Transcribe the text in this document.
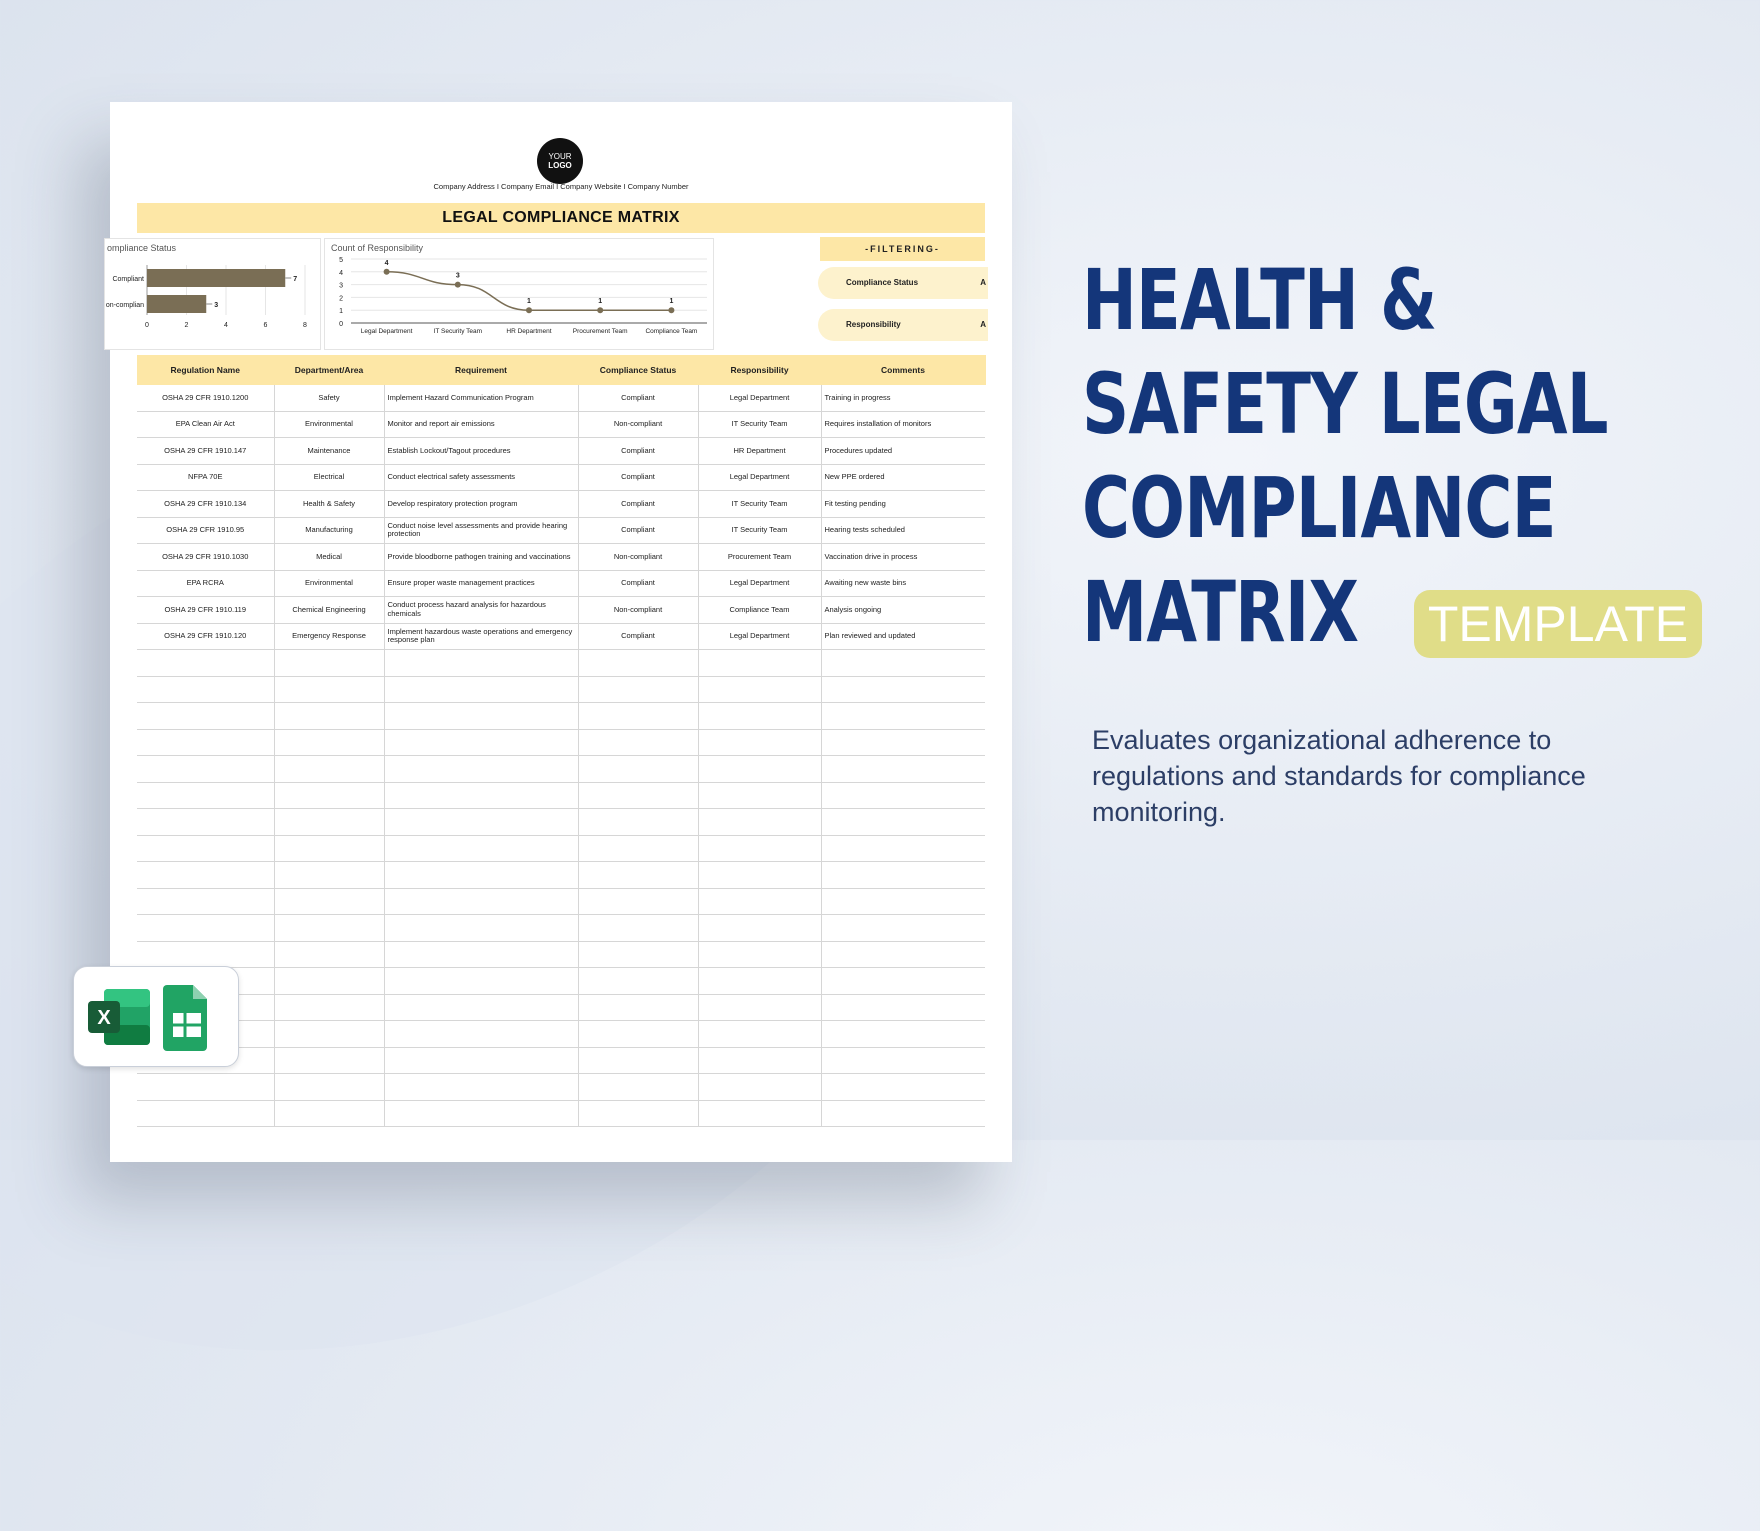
YOUR
LOGO
Company Address I Company Email I Company Website I Company Number
LEGAL COMPLIANCE MATRIX
ompliance Status
0	2	4	6	8
Compliant	7
on-complian	3
Count of Responsibility
0
1
2
3
4
5	4
Legal Department
3
IT Security Team
1
HR Department
1
Procurement Team
1
Compliance Team
-FILTERING-
Compliance Status	A
Responsibility	A
Regulation Name	Department/Area	Requirement	Compliance Status	Responsibility	Comments
OSHA 29 CFR 1910.1200	Safety	Implement Hazard Communication Program	Compliant	Legal Department	Training in progress
EPA Clean Air Act	Environmental	Monitor and report air emissions	Non-compliant	IT Security Team	Requires installation of monitors
OSHA 29 CFR 1910.147	Maintenance	Establish Lockout/Tagout procedures	Compliant	HR Department	Procedures updated
NFPA 70E	Electrical	Conduct electrical safety assessments	Compliant	Legal Department	New PPE ordered
OSHA 29 CFR 1910.134	Health & Safety	Develop respiratory protection program	Compliant	IT Security Team	Fit testing pending
OSHA 29 CFR 1910.95	Manufacturing	Conduct noise level assessments and provide hearing protection	Compliant	IT Security Team	Hearing tests scheduled
OSHA 29 CFR 1910.1030	Medical	Provide bloodborne pathogen training and vaccinations	Non-compliant	Procurement Team	Vaccination drive in process
EPA RCRA	Environmental	Ensure proper waste management practices	Compliant	Legal Department	Awaiting new waste bins
OSHA 29 CFR 1910.119	Chemical Engineering	Conduct process hazard analysis for hazardous chemicals	Non-compliant	Compliance Team	Analysis ongoing
OSHA 29 CFR 1910.120	Emergency Response	Implement hazardous waste operations and emergency response plan	Compliant	Legal Department	Plan reviewed and updated

HEALTH &
SAFETY LEGAL
COMPLIANCE
MATRIX	TEMPLATE
Evaluates organizational adherence to regulations and standards for compliance monitoring.
X
